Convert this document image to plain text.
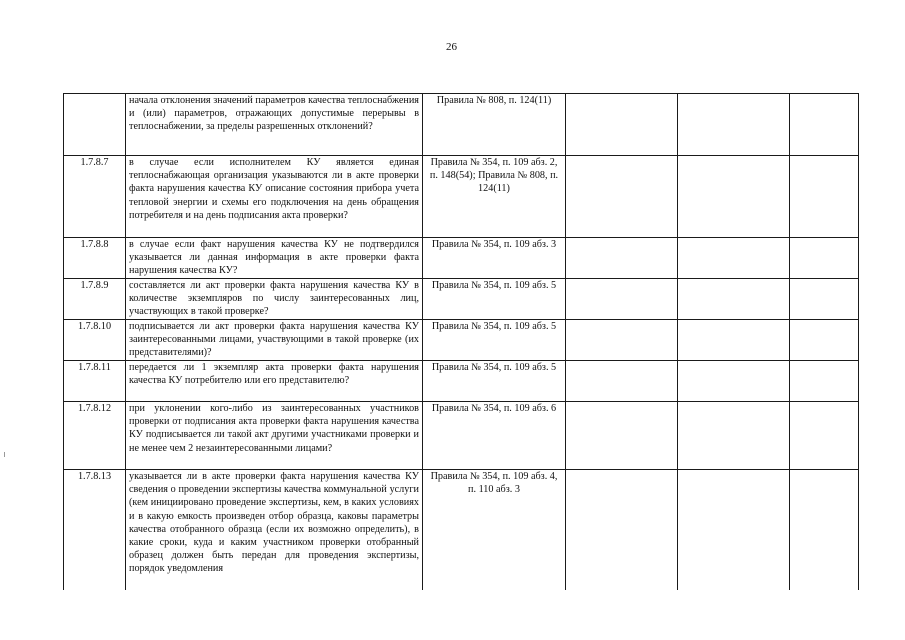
26
	начала отклонения значений параметров качества теплоснабжения и (или) параметров, отражающих допустимые перерывы в теплоснабжении, за пределы разрешенных отклонений?	Правила № 808, п. 124(11)			
1.7.8.7	в случае если исполнителем КУ является единая теплоснабжающая организация указываются ли в акте проверки факта нарушения качества КУ описание состояния прибора учета тепловой энергии и схемы его подключения на день обращения потребителя и на день подписания акта проверки?	Правила № 354, п. 109 абз. 2, п. 148(54); Правила № 808, п. 124(11)			
1.7.8.8	в случае если факт нарушения качества КУ не подтвердился указывается ли данная информация в акте проверки факта нарушения качества КУ?	Правила № 354, п. 109 абз. 3			
1.7.8.9	составляется ли акт проверки факта нарушения качества КУ в количестве экземпляров по числу заинтересованных лиц, участвующих в такой проверке?	Правила № 354, п. 109 абз. 5			
1.7.8.10	подписывается ли акт проверки факта нарушения качества КУ заинтересованными лицами, участвующими в такой проверке (их представителями)?	Правила № 354, п. 109 абз. 5			
1.7.8.11	передается ли 1 экземпляр акта проверки факта нарушения качества КУ потребителю или его представителю?	Правила № 354, п. 109 абз. 5			
1.7.8.12	при уклонении кого-либо из заинтересованных участников проверки от подписания акта проверки факта нарушения качества КУ подписывается ли такой акт другими участниками проверки и не менее чем 2 незаинтересованными лицами?	Правила № 354, п. 109 абз. 6			
1.7.8.13	указывается ли в акте проверки факта нарушения качества КУ сведения о проведении экспертизы качества коммунальной услуги (кем инициировано проведение экспертизы, кем, в каких условиях и в какую емкость произведен отбор образца, каковы параметры качества отобранного образца (если их возможно определить), в какие сроки, куда и каким участником проверки отобранный образец должен быть передан для проведения экспертизы, порядок уведомления	Правила № 354, п. 109 абз. 4, п. 110 абз. 3			
